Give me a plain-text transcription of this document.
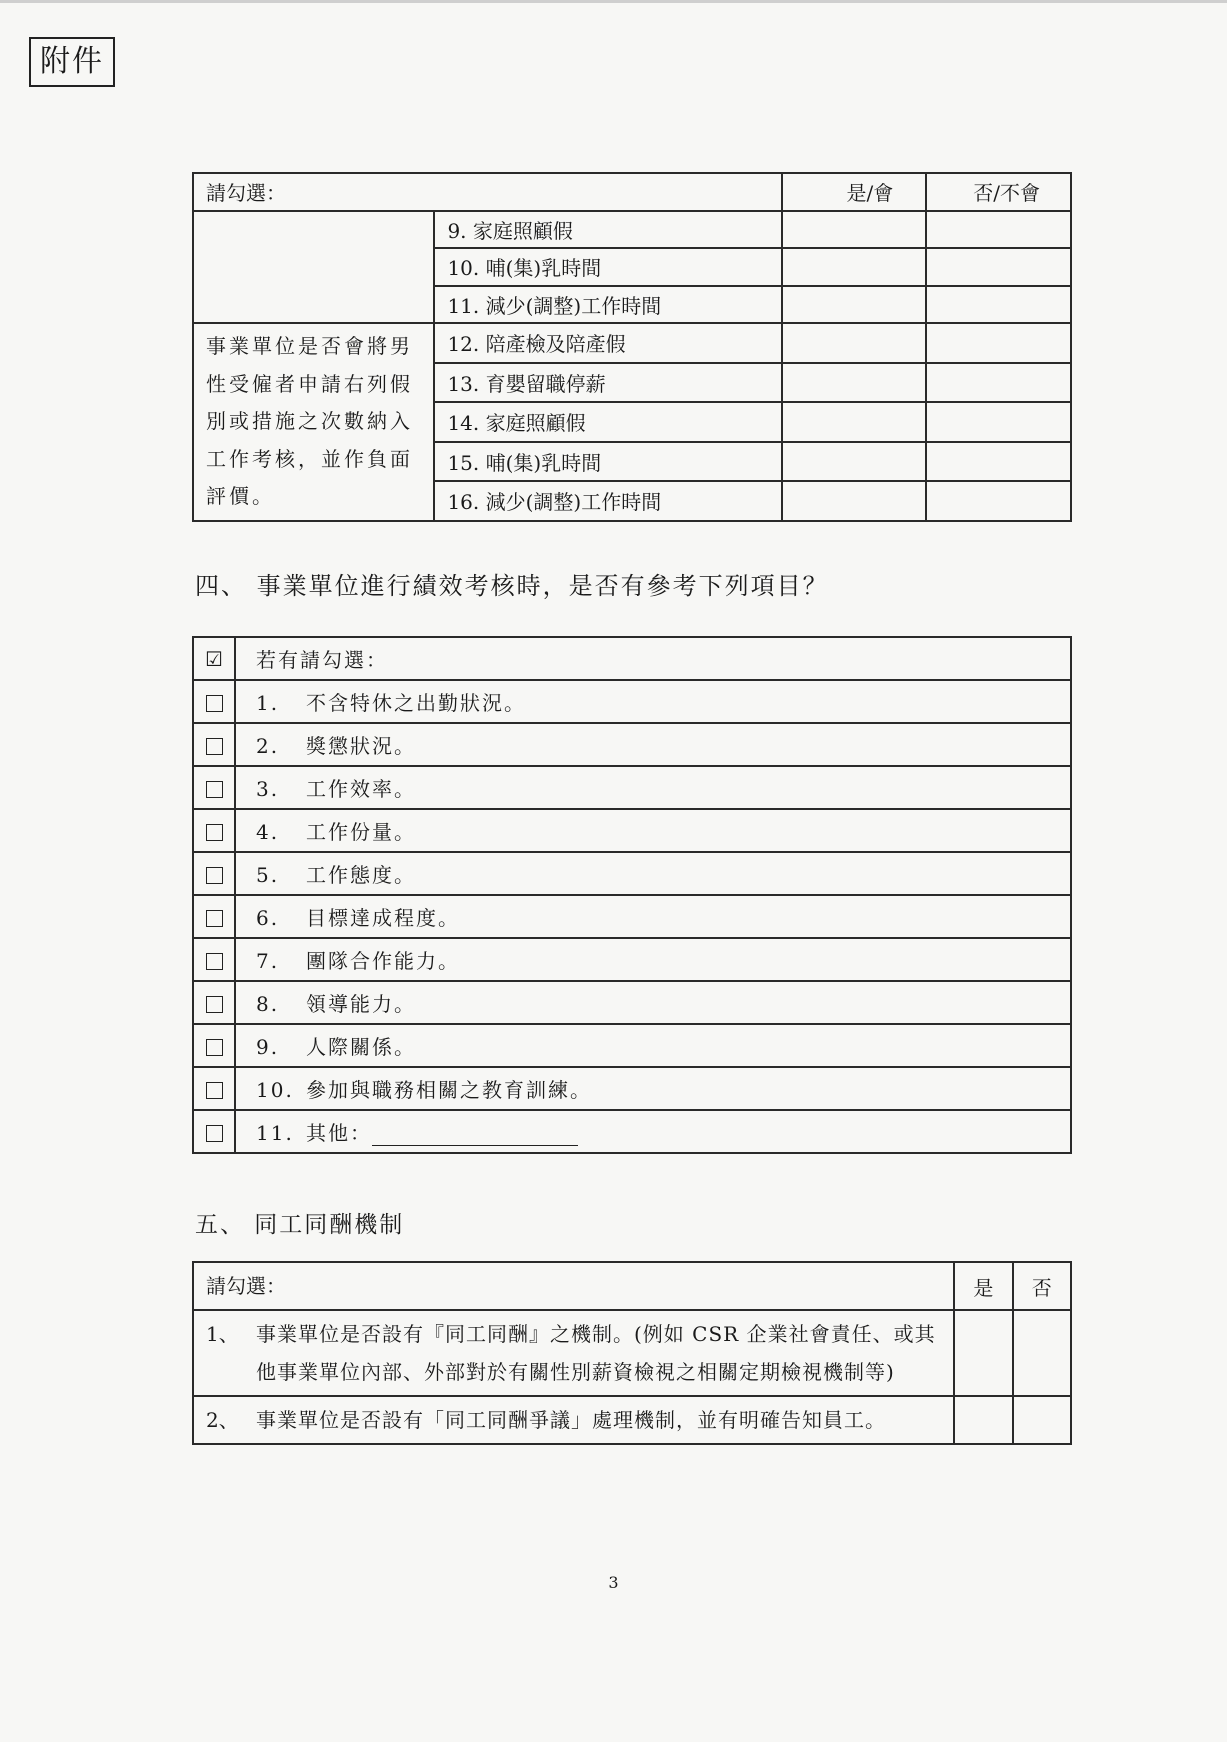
附件
請勾選：		是/會	否/不會
	9. 家庭照顧假		
	10. 哺(集)乳時間		
	11. 減少(調整)工作時間		
事業單位是否會將男性受僱者申請右列假別或措施之次數納入工作考核，並作負面評價。	12. 陪產檢及陪產假		
	13. 育嬰留職停薪		
	14. 家庭照顧假		
	15. 哺(集)乳時間		
	16. 減少(調整)工作時間		
四、 事業單位進行績效考核時，是否有參考下列項目？
☑	若有請勾選：
	1. 不含特休之出勤狀況。
	2. 獎懲狀況。
	3. 工作效率。
	4. 工作份量。
	5. 工作態度。
	6. 目標達成程度。
	7. 團隊合作能力。
	8. 領導能力。
	9. 人際關係。
	10. 參加與職務相關之教育訓練。
	11. 其他：
五、 同工同酬機制
請勾選：	是	否
1、 事業單位是否設有『同工同酬』之機制。(例如 CSR 企業社會責任、或其他事業單位內部、外部對於有關性別薪資檢視之相關定期檢視機制等)		
2、 事業單位是否設有「同工同酬爭議」處理機制，並有明確告知員工。		
3
